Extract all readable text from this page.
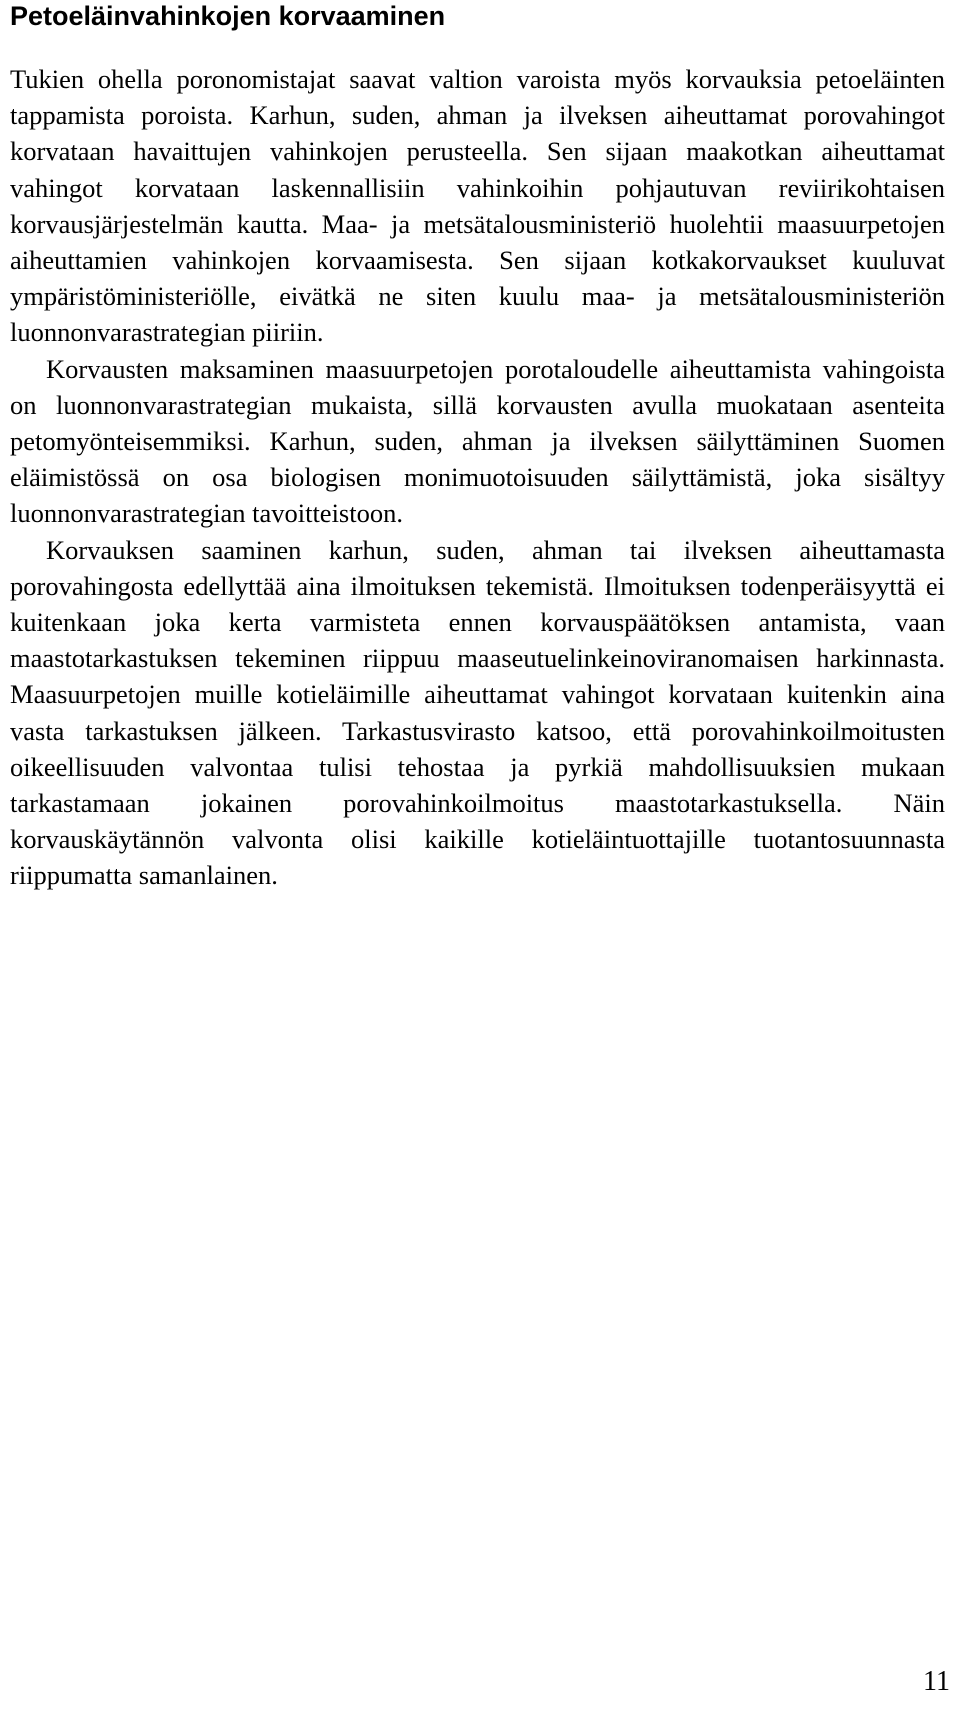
Petoeläinvahinkojen korvaaminen

Tukien ohella poronomistajat saavat valtion varoista myös korvauksia petoeläinten tappamista poroista. Karhun, suden, ahman ja ilveksen aiheuttamat porovahingot korvataan havaittujen vahinkojen perusteella. Sen sijaan maakotkan aiheuttamat vahingot korvataan laskennallisiin vahinkoihin pohjautuvan reviirikohtaisen korvausjärjestelmän kautta. Maa- ja metsätalousministeriö huolehtii maasuurpetojen aiheuttamien vahinkojen korvaamisesta. Sen sijaan kotkakorvaukset kuuluvat ympäristöministeriölle, eivätkä ne siten kuulu maa- ja metsätalousministeriön luonnonvarastrategian piiriin.

Korvausten maksaminen maasuurpetojen porotaloudelle aiheuttamista vahingoista on luonnonvarastrategian mukaista, sillä korvausten avulla muokataan asenteita petomyönteisemmiksi. Karhun, suden, ahman ja ilveksen säilyttäminen Suomen eläimistössä on osa biologisen monimuotoisuuden säilyttämistä, joka sisältyy luonnonvarastrategian tavoitteistoon.

Korvauksen saaminen karhun, suden, ahman tai ilveksen aiheuttamasta porovahingosta edellyttää aina ilmoituksen tekemistä. Ilmoituksen todenperäisyyttä ei kuitenkaan joka kerta varmisteta ennen korvauspäätöksen antamista, vaan maastotarkastuksen tekeminen riippuu maaseutuelinkeinoviranomaisen harkinnasta. Maasuurpetojen muille kotieläimille aiheuttamat vahingot korvataan kuitenkin aina vasta tarkastuksen jälkeen. Tarkastusvirasto katsoo, että porovahinkoilmoitusten oikeellisuuden valvontaa tulisi tehostaa ja pyrkiä mahdollisuuksien mukaan tarkastamaan jokainen porovahinkoilmoitus maastotarkastuksella. Näin korvauskäytännön valvonta olisi kaikille kotieläintuottajille tuotantosuunnasta riippumatta samanlainen.

11
